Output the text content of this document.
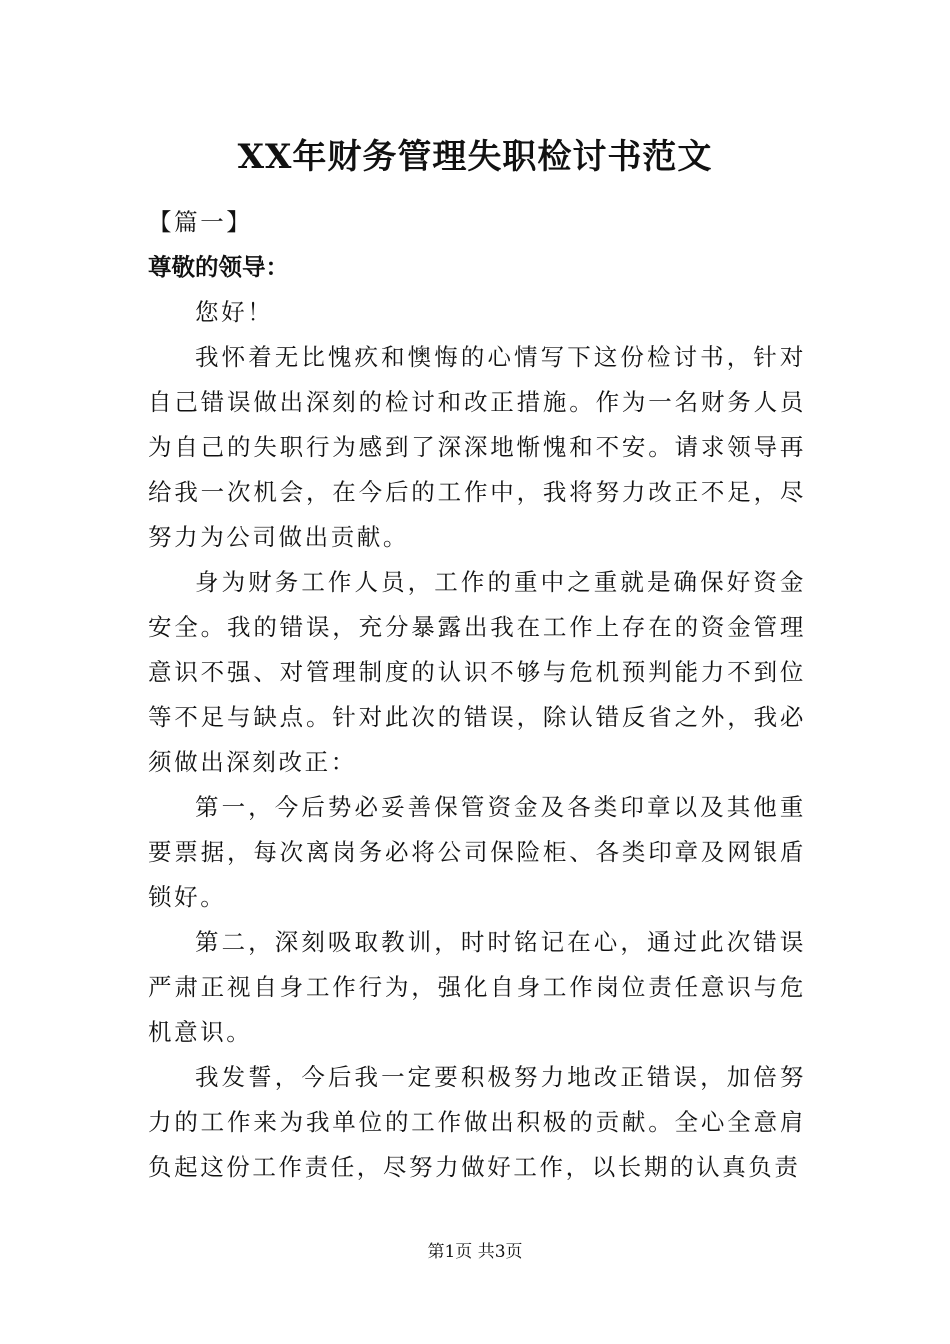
XX年财务管理失职检讨书范文

【篇一】

尊敬的领导：

您好！

我怀着无比愧疚和懊悔的心情写下这份检讨书，针对自己错误做出深刻的检讨和改正措施。作为一名财务人员为自己的失职行为感到了深深地惭愧和不安。请求领导再给我一次机会，在今后的工作中，我将努力改正不足，尽努力为公司做出贡献。

身为财务工作人员，工作的重中之重就是确保好资金安全。我的错误，充分暴露出我在工作上存在的资金管理意识不强、对管理制度的认识不够与危机预判能力不到位等不足与缺点。针对此次的错误，除认错反省之外，我必须做出深刻改正：

第一，今后势必妥善保管资金及各类印章以及其他重要票据，每次离岗务必将公司保险柜、各类印章及网银盾锁好。

第二，深刻吸取教训，时时铭记在心，通过此次错误严肃正视自身工作行为，强化自身工作岗位责任意识与危机意识。

我发誓，今后我一定要积极努力地改正错误，加倍努力的工作来为我单位的工作做出积极的贡献。全心全意肩负起这份工作责任，尽努力做好工作，以长期的认真负责

第1页 共3页
